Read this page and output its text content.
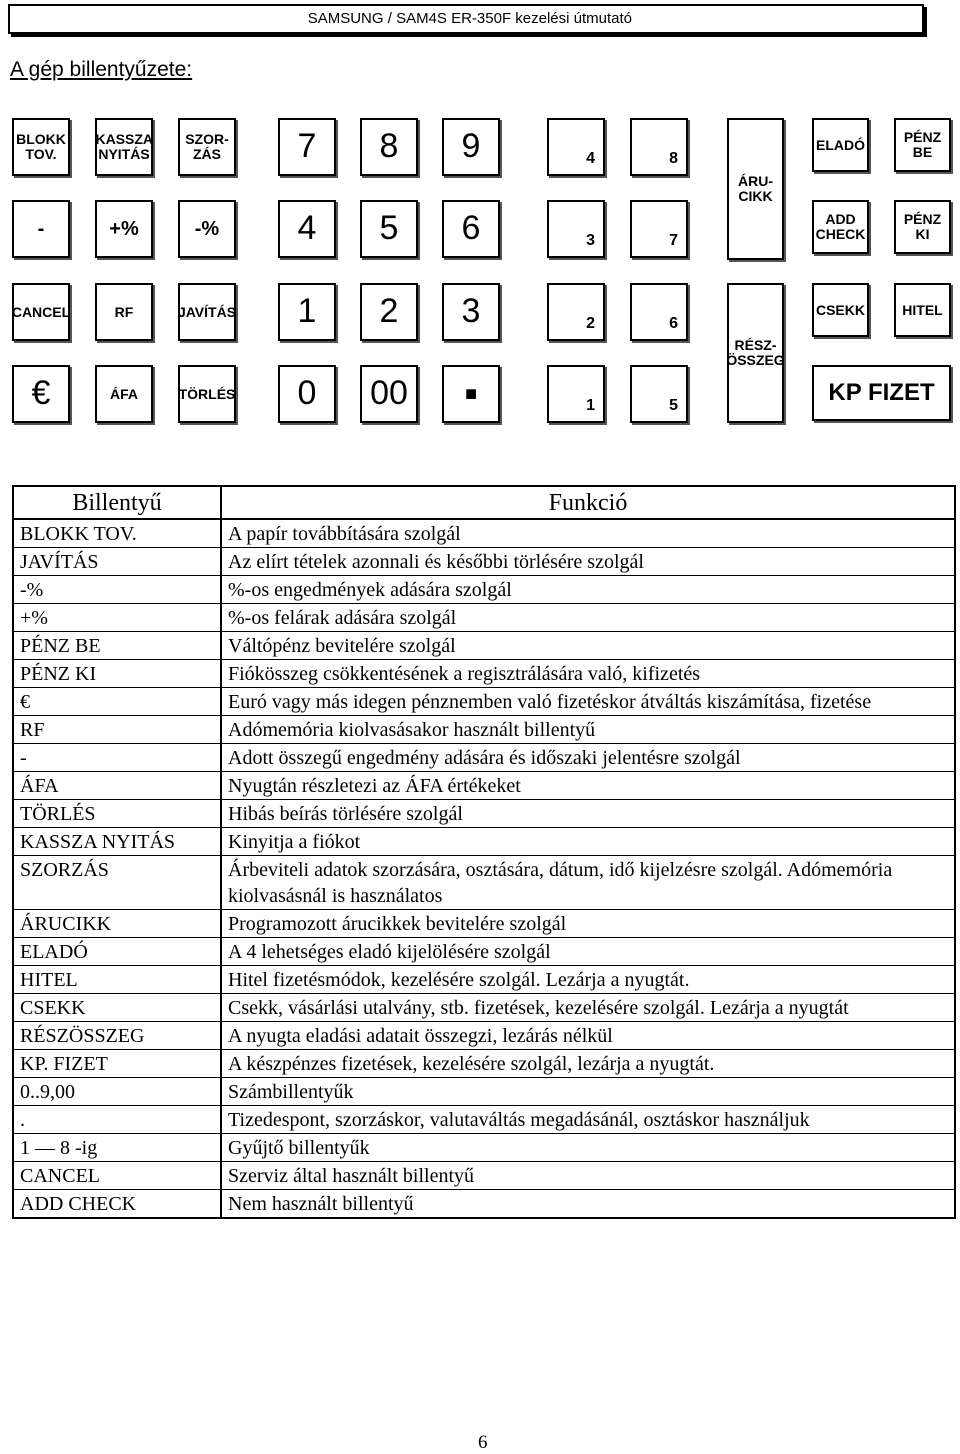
SAMSUNG / SAM4S ER-350F kezelési útmutató
A gép billentyűzete:
BLOKK TOV.
KASSZA NYITÁS
SZOR-ZÁS	7	8	9	4	8
ÁRU-CIKK
ELADÓ	PÉNZ BE
-	+%	-%	4	5	6	3	7
ADD CHECK
PÉNZ KI
CANCEL	RF	JAVÍTÁS	1	2	3	2	6
RÉSZ-ÖSSZEG
CSEKK	HITEL
€	ÁFA	TÖRLÉS	0	00	■
1	5	KP FIZET
Billentyű	Funkció
BLOKK TOV.	A papír továbbítására szolgál
JAVÍTÁS	Az elírt tételek azonnali és későbbi törlésére szolgál
-%	%-os engedmények adására szolgál
+%	%-os felárak adására szolgál
PÉNZ BE	Váltópénz bevitelére szolgál
PÉNZ KI	Fiókösszeg csökkentésének a regisztrálására való, kifizetés
€	Euró vagy más idegen pénznemben való fizetéskor átváltás kiszámítása, fizetése
RF	Adómemória kiolvasásakor használt billentyű
-	Adott összegű engedmény adására és időszaki jelentésre szolgál
ÁFA	Nyugtán részletezi az ÁFA értékeket
TÖRLÉS	Hibás beírás törlésére szolgál
KASSZA NYITÁS	Kinyitja a fiókot
SZORZÁS	Árbeviteli adatok szorzására, osztására, dátum, idő kijelzésre szolgál. Adómemória kiolvasásnál is használatos
ÁRUCIKK	Programozott árucikkek bevitelére szolgál
ELADÓ	A 4 lehetséges eladó kijelölésére szolgál
HITEL	Hitel fizetésmódok, kezelésére szolgál. Lezárja a nyugtát.
CSEKK	Csekk, vásárlási utalvány, stb. fizetések, kezelésére szolgál. Lezárja a nyugtát
RÉSZÖSSZEG	A nyugta eladási adatait összegzi, lezárás nélkül
KP. FIZET	A készpénzes fizetések, kezelésére szolgál, lezárja a nyugtát.
0..9,00	Számbillentyűk
.	Tizedespont, szorzáskor, valutaváltás megadásánál, osztáskor használjuk
1 — 8 -ig	Gyűjtő billentyűk
CANCEL	Szerviz által használt billentyű
ADD CHECK	Nem használt billentyű
6
